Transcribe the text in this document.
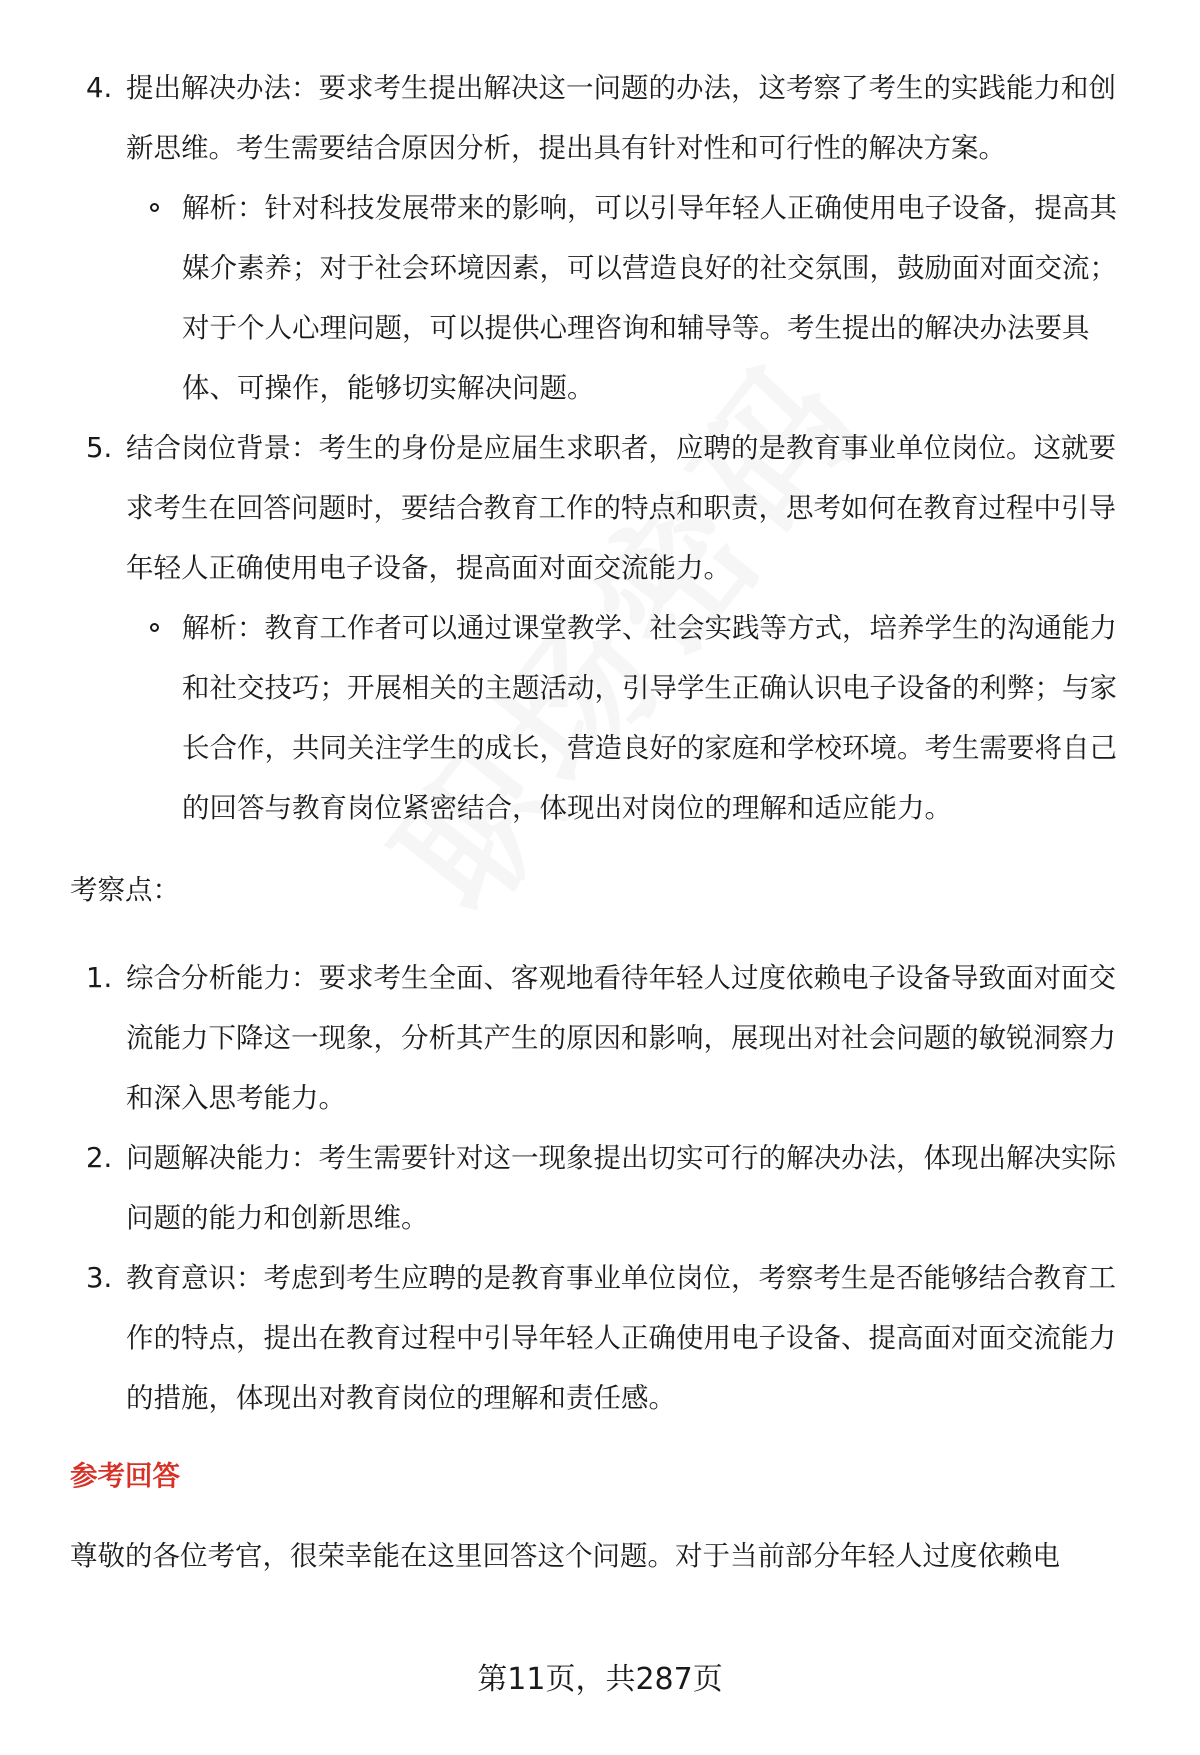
4. 提出解决办法：要求考生提出解决这一问题的办法，这考察了考生的实践能力和创新思维。考生需要结合原因分析，提出具有针对性和可行性的解决方案。
解析：针对科技发展带来的影响，可以引导年轻人正确使用电子设备，提高其媒介素养；对于社会环境因素，可以营造良好的社交氛围，鼓励面对面交流；对于个人心理问题，可以提供心理咨询和辅导等。考生提出的解决办法要具体、可操作，能够切实解决问题。
5. 结合岗位背景：考生的身份是应届生求职者，应聘的是教育事业单位岗位。这就要求考生在回答问题时，要结合教育工作的特点和职责，思考如何在教育过程中引导年轻人正确使用电子设备，提高面对面交流能力。
解析：教育工作者可以通过课堂教学、社会实践等方式，培养学生的沟通能力和社交技巧；开展相关的主题活动，引导学生正确认识电子设备的利弊；与家长合作，共同关注学生的成长，营造良好的家庭和学校环境。考生需要将自己的回答与教育岗位紧密结合，体现出对岗位的理解和适应能力。
考察点：
1. 综合分析能力：要求考生全面、客观地看待年轻人过度依赖电子设备导致面对面交流能力下降这一现象，分析其产生的原因和影响，展现出对社会问题的敏锐洞察力和深入思考能力。
2. 问题解决能力：考生需要针对这一现象提出切实可行的解决办法，体现出解决实际问题的能力和创新思维。
3. 教育意识：考虑到考生应聘的是教育事业单位岗位，考察考生是否能够结合教育工作的特点，提出在教育过程中引导年轻人正确使用电子设备、提高面对面交流能力的措施，体现出对教育岗位的理解和责任感。
参考回答
尊敬的各位考官，很荣幸能在这里回答这个问题。对于当前部分年轻人过度依赖电
第11页，共287页
